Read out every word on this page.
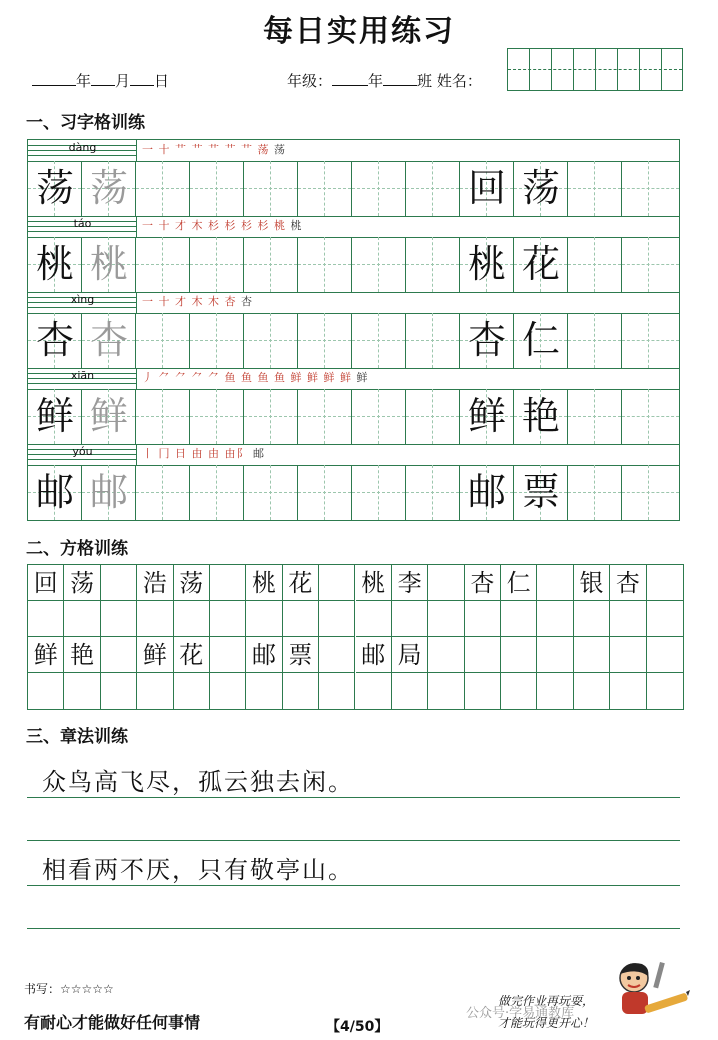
每日实用练习
年 月 日	年级： 年 班 姓名：
一、习字格训练
dàng	一 十 艹 艹 艹 艹 艹 荡 荡
荡 荡	回 荡
táo	一 十 才 木 杉 杉 杉 杉 桃 桃
桃 桃	桃 花
xìng	一 十 才 木 木 杏 杏
杏 杏	杏 仁
xiān	丿 ⺈ ⺈ ⺈ ⺈ 鱼 鱼 鱼 鱼 鲜 鲜 鲜 鲜 鲜
鲜 鲜	鲜 艳
yóu	丨 冂 日 由 由 由阝 邮
邮 邮	邮 票
二、方格训练
回 荡 浩 荡 桃 花 桃 李 杏 仁 银 杏
鲜 艳 鲜 花 邮 票 邮 局
三、章法训练
众鸟高飞尽，孤云独去闲。
相看两不厌，只有敬亭山。
书写：☆☆☆☆☆
有耐心才能做好任何事情	【4/50】
公众号·学易通教库
做完作业再玩耍，
才能玩得更开心！
